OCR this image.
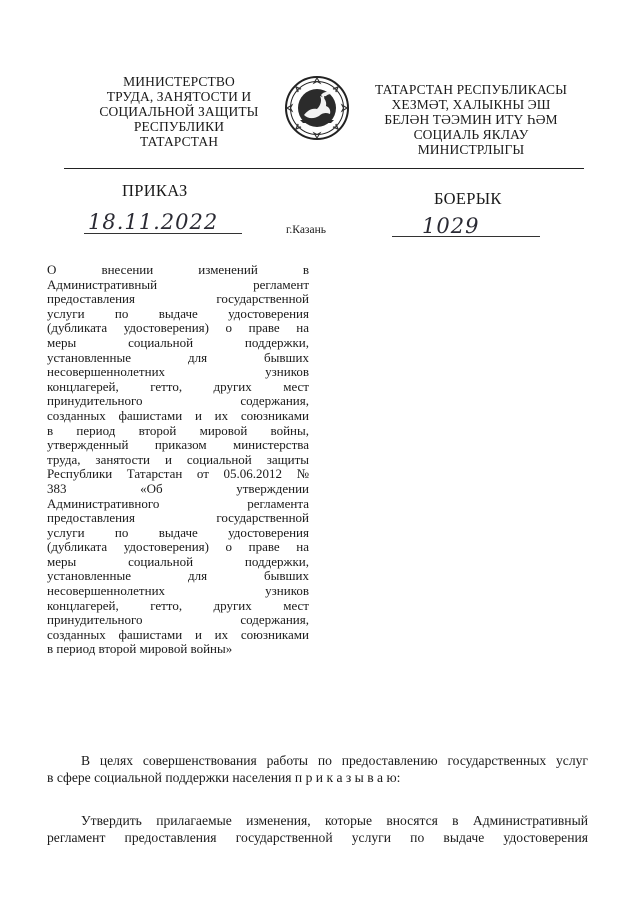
МИНИСТЕРСТВО
ТРУДА, ЗАНЯТОСТИ И
СОЦИАЛЬНОЙ ЗАЩИТЫ
РЕСПУБЛИКИ
ТАТАРСТАН
ТАТАРСТАН РЕСПУБЛИКАСЫ
ХЕЗМӘТ, ХАЛЫКНЫ ЭШ
БЕЛӘН ТӘЭМИН ИТҮ ҺӘМ
СОЦИАЛЬ ЯКЛАУ
МИНИСТРЛЫГЫ
ПРИКАЗ	БОЕРЫК
18.11.2022	г.Казань	1029
О внесении изменений в
Административный регламент
предоставления государственной
услуги по выдаче удостоверения
(дубликата удостоверения) о праве на
меры социальной поддержки,
установленные для бывших
несовершеннолетних узников
концлагерей, гетто, других мест
принудительного содержания,
созданных фашистами и их союзниками
в период второй мировой войны,
утвержденный приказом министерства
труда, занятости и социальной защиты
Республики Татарстан от 05.06.2012 №
383 «Об утверждении
Административного регламента
предоставления государственной
услуги по выдаче удостоверения
(дубликата удостоверения) о праве на
меры социальной поддержки,
установленные для бывших
несовершеннолетних узников
концлагерей, гетто, других мест
принудительного содержания,
созданных фашистами и их союзниками
в период второй мировой войны»
В целях совершенствования работы по предоставлению государственных услуг
в сфере социальной поддержки населения п р и к а з ы в а ю:
Утвердить прилагаемые изменения, которые вносятся в Административный
регламент предоставления государственной услуги по выдаче удостоверения
